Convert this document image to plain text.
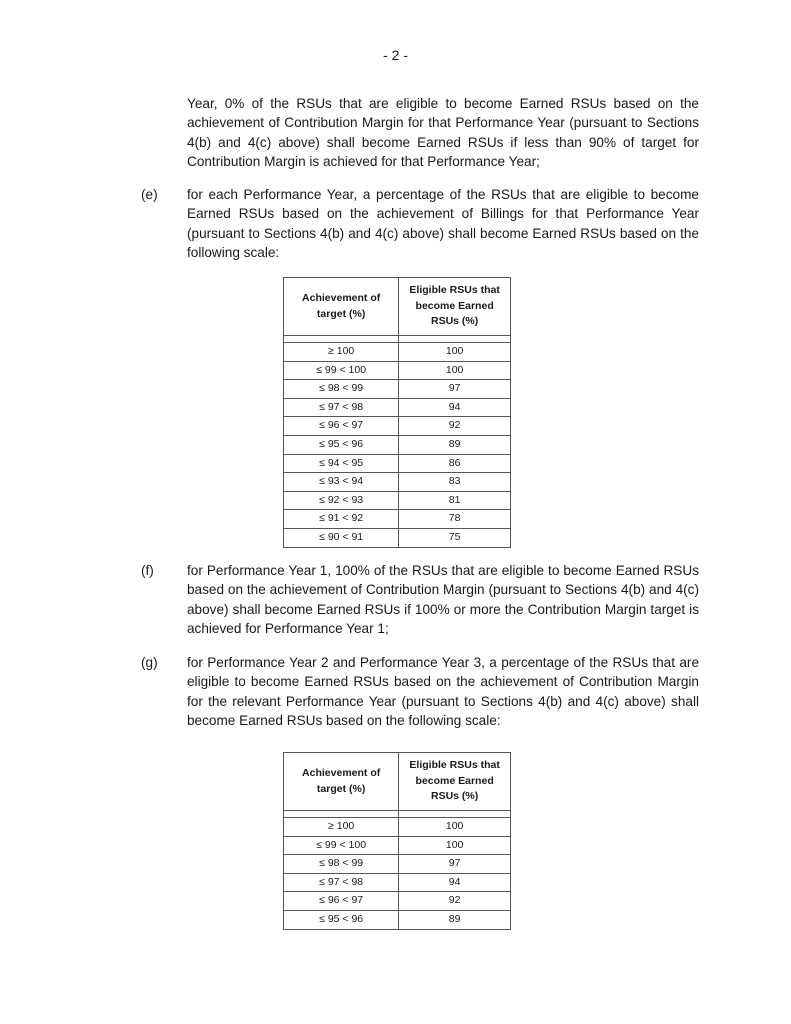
- 2 -

Year, 0% of the RSUs that are eligible to become Earned RSUs based on the achievement of Contribution Margin for that Performance Year (pursuant to Sections 4(b) and 4(c) above) shall become Earned RSUs if less than 90% of target for Contribution Margin is achieved for that Performance Year;

(e) for each Performance Year, a percentage of the RSUs that are eligible to become Earned RSUs based on the achievement of Billings for that Performance Year (pursuant to Sections 4(b) and 4(c) above) shall become Earned RSUs based on the following scale:

Achievement of target (%)	Eligible RSUs that become Earned RSUs (%)

≥ 100	100
≤ 99 < 100	100
≤ 98 < 99	97
≤ 97 < 98	94
≤ 96 < 97	92
≤ 95 < 96	89
≤ 94 < 95	86
≤ 93 < 94	83
≤ 92 < 93	81
≤ 91 < 92	78
≤ 90 < 91	75
(f) for Performance Year 1, 100% of the RSUs that are eligible to become Earned RSUs based on the achievement of Contribution Margin (pursuant to Sections 4(b) and 4(c) above) shall become Earned RSUs if 100% or more the Contribution Margin target is achieved for Performance Year 1;

(g) for Performance Year 2 and Performance Year 3, a percentage of the RSUs that are eligible to become Earned RSUs based on the achievement of Contribution Margin for the relevant Performance Year (pursuant to Sections 4(b) and 4(c) above) shall become Earned RSUs based on the following scale:

Achievement of target (%)	Eligible RSUs that become Earned RSUs (%)

≥ 100	100
≤ 99 < 100	100
≤ 98 < 99	97
≤ 97 < 98	94
≤ 96 < 97	92
≤ 95 < 96	89
